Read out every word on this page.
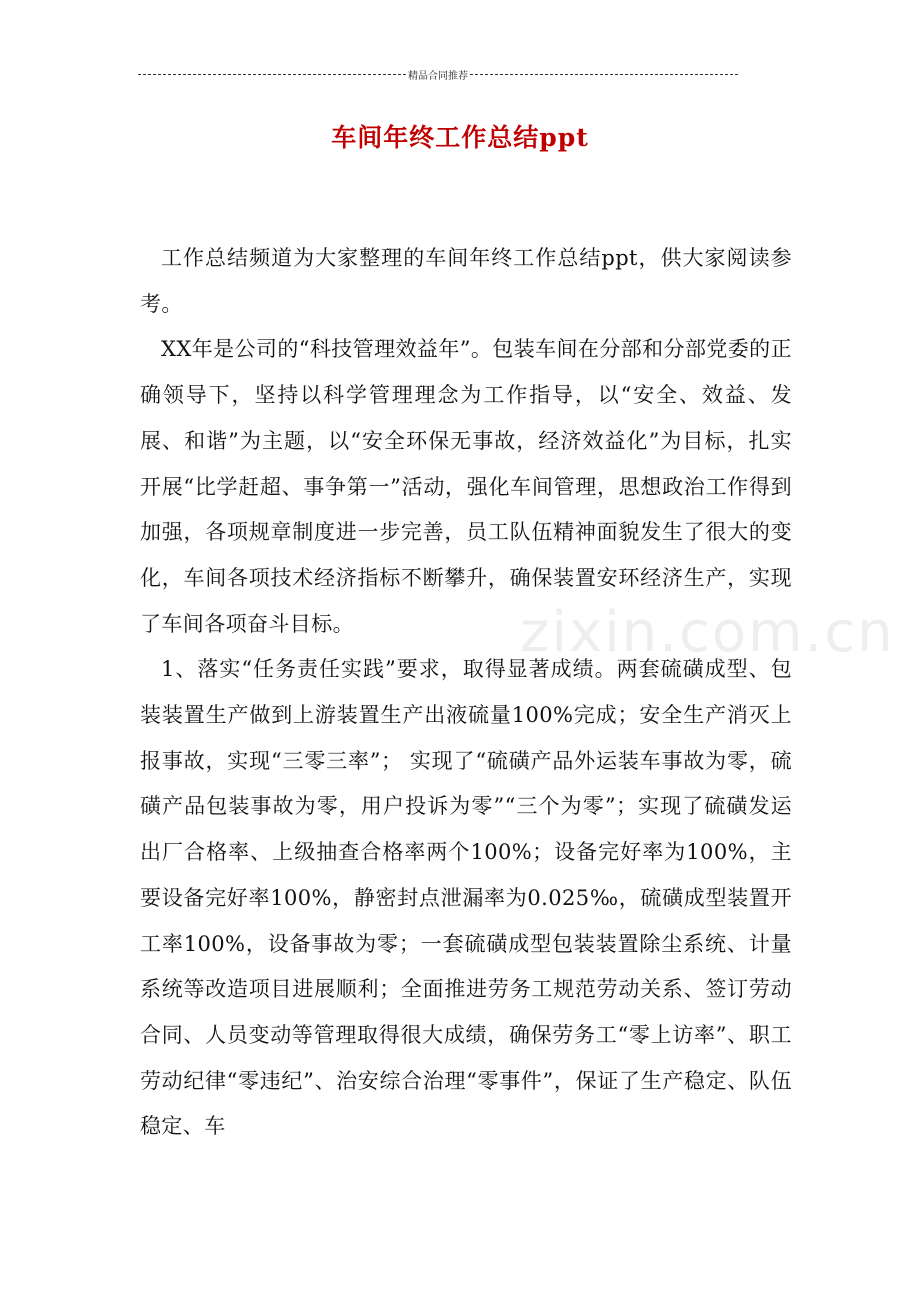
精品合同推荐
车间年终工作总结ppt

工作总结频道为大家整理的车间年终工作总结ppt，供大家阅读参考。

XX年是公司的“科技管理效益年”。包装车间在分部和分部党委的正确领导下，坚持以科学管理理念为工作指导，以“安全、效益、发展、和谐”为主题，以“安全环保无事故，经济效益化”为目标，扎实开展“比学赶超、事争第一”活动，强化车间管理，思想政治工作得到加强，各项规章制度进一步完善，员工队伍精神面貌发生了很大的变化，车间各项技术经济指标不断攀升，确保装置安环经济生产，实现了车间各项奋斗目标。

1、落实“任务责任实践”要求，取得显著成绩。两套硫磺成型、包装装置生产做到上游装置生产出液硫量100%完成；安全生产消灭上报事故，实现“三零三率”； 实现了“硫磺产品外运装车事故为零，硫磺产品包装事故为零，用户投诉为零”“三个为零”；实现了硫磺发运出厂合格率、上级抽查合格率两个100%；设备完好率为100%，主要设备完好率100%，静密封点泄漏率为0.025‰，硫磺成型装置开工率100%，设备事故为零；一套硫磺成型包装装置除尘系统、计量系统等改造项目进展顺利；全面推进劳务工规范劳动关系、签订劳动合同、人员变动等管理取得很大成绩，确保劳务工“零上访率”、职工劳动纪律“零违纪”、治安综合治理“零事件”，保证了生产稳定、队伍稳定、车

zixin.com.cn
